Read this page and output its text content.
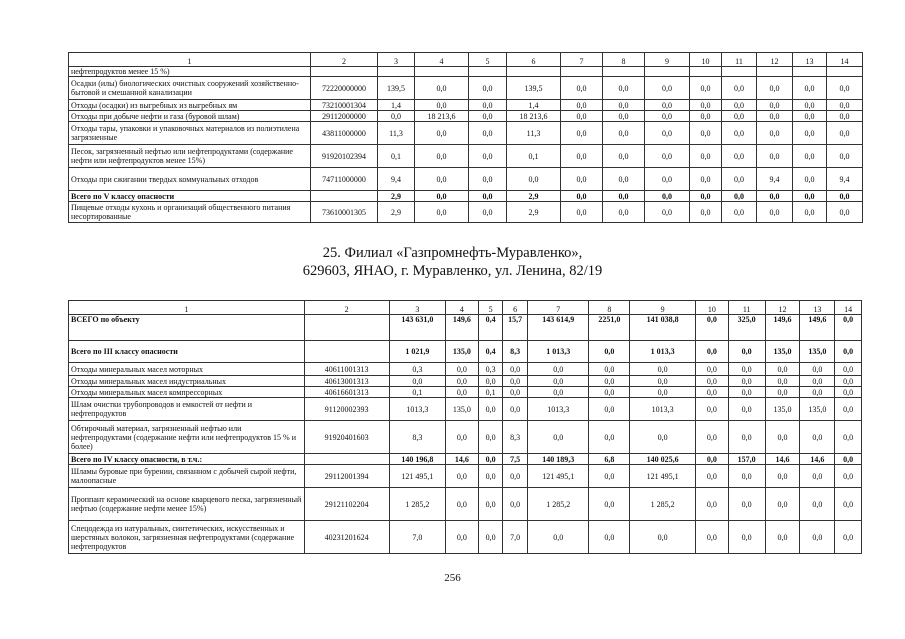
1	2	3	4	5	6	7	8	9	10	11	12	13	14
нефтепродуктов менее 15 %)													
Осадки (илы) биологических очистных сооружений хозяйственно-бытовой и смешанной канализации	72220000000	139,5	0,0	0,0	139,5	0,0	0,0	0,0	0,0	0,0	0,0	0,0	0,0
Отходы (осадки) из выгребных из выгребных ям	73210001304	1,4	0,0	0,0	1,4	0,0	0,0	0,0	0,0	0,0	0,0	0,0	0,0
Отходы при добыче нефти и газа (буровой шлам)	29112000000	0,0	18 213,6	0,0	18 213,6	0,0	0,0	0,0	0,0	0,0	0,0	0,0	0,0
Отходы тары, упаковки и упаковочных материалов из полиэтилена загрязненные	43811000000	11,3	0,0	0,0	11,3	0,0	0,0	0,0	0,0	0,0	0,0	0,0	0,0
Песок, загрязненный нефтью или нефтепродуктами (содержание нефти или нефтепродуктов менее 15%)	91920102394	0,1	0,0	0,0	0,1	0,0	0,0	0,0	0,0	0,0	0,0	0,0	0,0
Отходы при сжигании твердых коммунальных отходов	74711000000	9,4	0,0	0,0	0,0	0,0	0,0	0,0	0,0	0,0	9,4	0,0	9,4
Всего по V классу опасности		2,9	0,0	0,0	2,9	0,0	0,0	0,0	0,0	0,0	0,0	0,0	0,0
Пищевые отходы кухонь и организаций общественного питания несортированные	73610001305	2,9	0,0	0,0	2,9	0,0	0,0	0,0	0,0	0,0	0,0	0,0	0,0
25. Филиал «Газпромнефть-Муравленко»,
629603, ЯНАО, г. Муравленко, ул. Ленина, 82/19
1	2	3	4	5	6	7	8	9	10	11	12	13	14
ВСЕГО по объекту		143 631,0	149,6	0,4	15,7	143 614,9	2251,0	141 038,8	0,0	325,0	149,6	149,6	0,0
Всего по III классу опасности		1 021,9	135,0	0,4	8,3	1 013,3	0,0	1 013,3	0,0	0,0	135,0	135,0	0,0
Отходы минеральных масел моторных	40611001313	0,3	0,0	0,3	0,0	0,0	0,0	0,0	0,0	0,0	0,0	0,0	0,0
Отходы минеральных масел индустриальных	40613001313	0,0	0,0	0,0	0,0	0,0	0,0	0,0	0,0	0,0	0,0	0,0	0,0
Отходы минеральных масел компрессорных	40616601313	0,1	0,0	0,1	0,0	0,0	0,0	0,0	0,0	0,0	0,0	0,0	0,0
Шлам очистки трубопроводов и емкостей от нефти и нефтепродуктов	91120002393	1013,3	135,0	0,0	0,0	1013,3	0,0	1013,3	0,0	0,0	135,0	135,0	0,0
Обтирочный материал, загрязненный нефтью или нефтепродуктами (содержание нефти или нефтепродуктов 15 % и более)	91920401603	8,3	0,0	0,0	8,3	0,0	0,0	0,0	0,0	0,0	0,0	0,0	0,0
Всего по IV классу опасности, в т.ч.:		140 196,8	14,6	0,0	7,5	140 189,3	6,8	140 025,6	0,0	157,0	14,6	14,6	0,0
Шламы буровые при бурении, связанном с добычей сырой нефти, малоопасные	29112001394	121 495,1	0,0	0,0	0,0	121 495,1	0,0	121 495,1	0,0	0,0	0,0	0,0	0,0
Проппант керамический на основе кварцевого песка, загрязненный нефтью (содержание нефти менее 15%)	29121102204	1 285,2	0,0	0,0	0,0	1 285,2	0,0	1 285,2	0,0	0,0	0,0	0,0	0,0
Спецодежда из натуральных, синтетических, искусственных и шерстяных волокон, загрязненная нефтепродуктами (содержание нефтепродуктов	40231201624	7,0	0,0	0,0	7,0	0,0	0,0	0,0	0,0	0,0	0,0	0,0	0,0
256
